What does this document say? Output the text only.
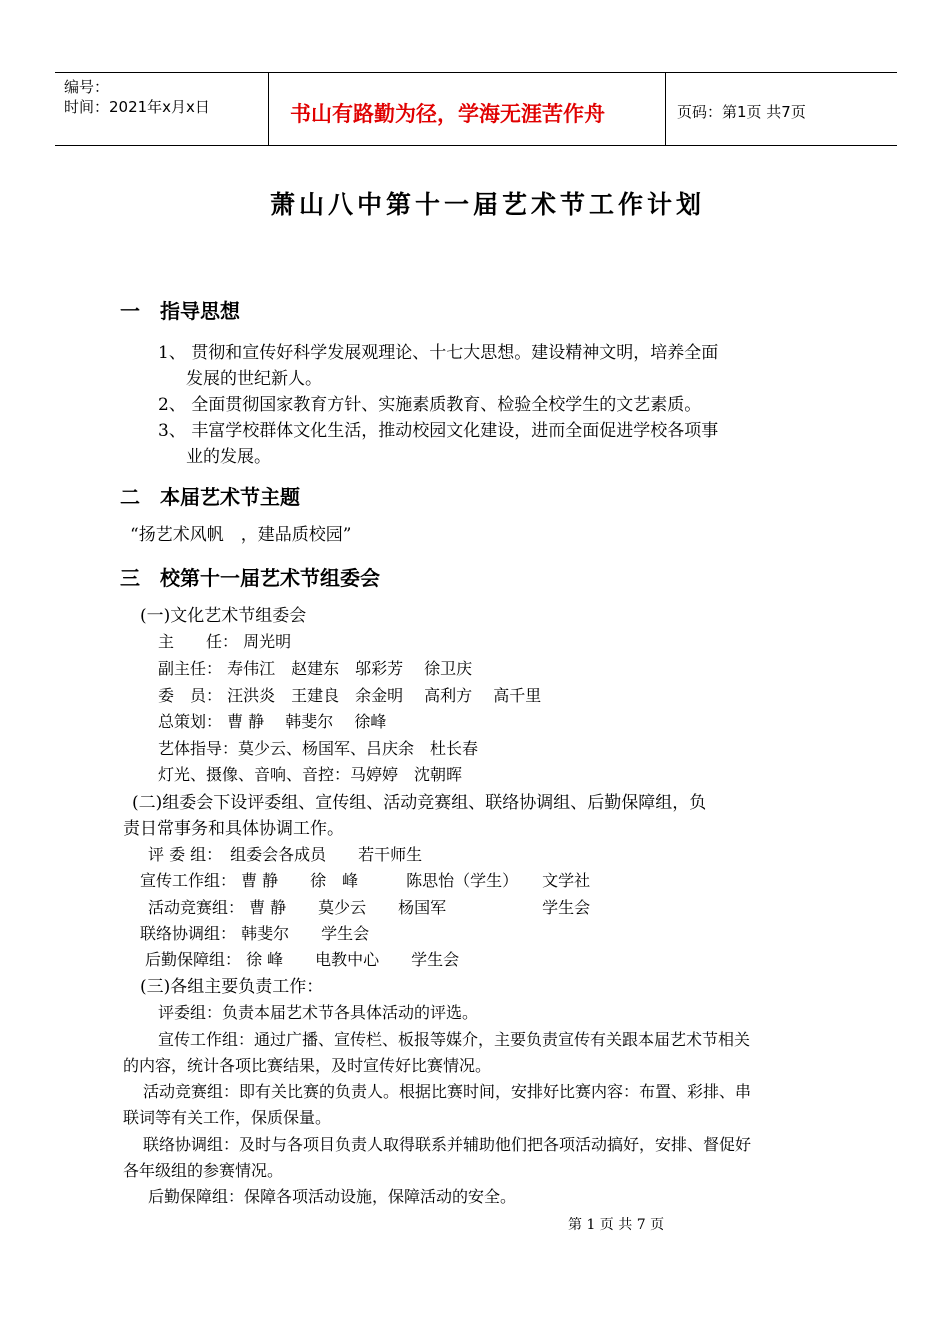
编号：
时间：2021年x月x日	书山有路勤为径，学海无涯苦作舟	页码：第1页 共7页
萧山八中第十一届艺术节工作计划
一　指导思想
1、 贯彻和宣传好科学发展观理论、十七大思想。建设精神文明，培养全面
发展的世纪新人。
2、 全面贯彻国家教育方针、实施素质教育、检验全校学生的文艺素质。
3、 丰富学校群体文化生活，推动校园文化建设，进而全面促进学校各项事
业的发展。
二　本届艺术节主题
“扬艺术风帆　，建品质校园”
三　校第十一届艺术节组委会
(一)文化艺术节组委会
主　　任： 周光明
副主任： 寿伟江　赵建东　邬彩芳　 徐卫庆
委　员： 汪洪炎　王建良　余金明　 高利方　 高千里
总策划： 曹 静　 韩斐尔　 徐峰
艺体指导：莫少云、杨国军、吕庆余　杜长春
灯光、摄像、音响、音控：马婷婷　沈朝晖
(二)组委会下设评委组、宣传组、活动竞赛组、联络协调组、后勤保障组，负
责日常事务和具体协调工作。
评 委 组：　组委会各成员　　若干师生
宣传工作组： 曹 静　　徐　峰　　　陈思怡（学生）　　文学社
活动竞赛组： 曹 静　　莫少云　　杨国军　　　　　　学生会
联络协调组： 韩斐尔　　学生会
后勤保障组： 徐 峰　　电教中心　　学生会
(三)各组主要负责工作：
评委组：负责本届艺术节各具体活动的评选。
宣传工作组：通过广播、宣传栏、板报等媒介，主要负责宣传有关跟本届艺术节相关
的内容，统计各项比赛结果，及时宣传好比赛情况。
活动竞赛组：即有关比赛的负责人。根据比赛时间，安排好比赛内容：布置、彩排、串
联词等有关工作，保质保量。
联络协调组：及时与各项目负责人取得联系并辅助他们把各项活动搞好，安排、督促好
各年级组的参赛情况。
后勤保障组：保障各项活动设施，保障活动的安全。
第 1 页 共 7 页
